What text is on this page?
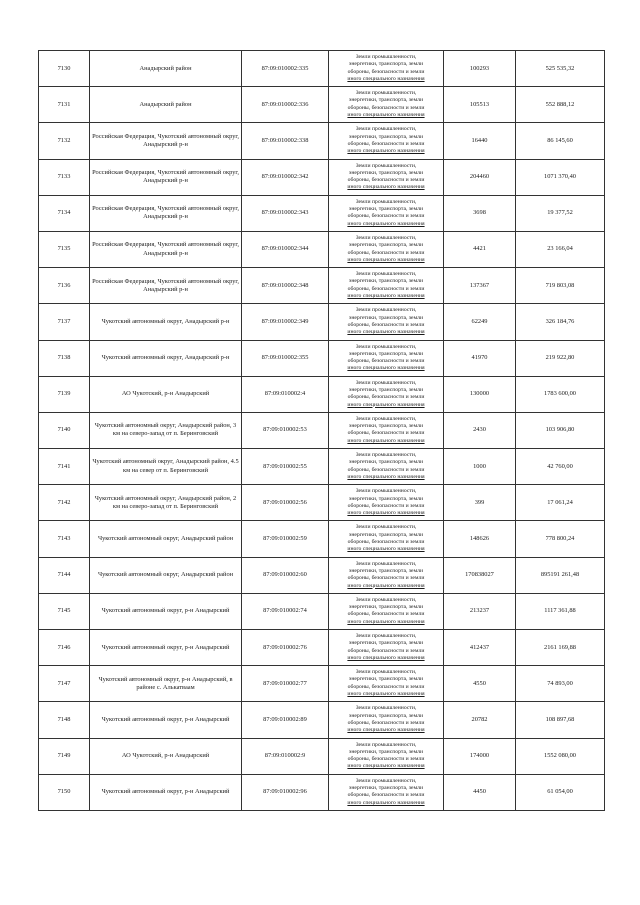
7130	Анадырский район	87:09:010002:335	Земли промышленности,
энергетики, транспорта, земли
обороны, безопасности и земли
иного специального назначения	100293	525 535,32
7131	Анадырский район	87:09:010002:336	Земли промышленности,
энергетики, транспорта, земли
обороны, безопасности и земли
иного специального назначения	105513	552 888,12
7132	Российская Федерация, Чукотский автономный округ, Анадырский р-н	87:09:010002:338	Земли промышленности,
энергетики, транспорта, земли
обороны, безопасности и земли
иного специального назначения	16440	86 145,60
7133	Российская Федерация, Чукотский автономный округ, Анадырский р-н	87:09:010002:342	Земли промышленности,
энергетики, транспорта, земли
обороны, безопасности и земли
иного специального назначения	204460	1071 370,40
7134	Российская Федерация, Чукотский автономный округ, Анадырский р-н	87:09:010002:343	Земли промышленности,
энергетики, транспорта, земли
обороны, безопасности и земли
иного специального назначения	3698	19 377,52
7135	Российская Федерация, Чукотский автономный округ, Анадырский р-н	87:09:010002:344	Земли промышленности,
энергетики, транспорта, земли
обороны, безопасности и земли
иного специального назначения	4421	23 166,04
7136	Российская Федерация, Чукотский автономный округ, Анадырский р-н	87:09:010002:348	Земли промышленности,
энергетики, транспорта, земли
обороны, безопасности и земли
иного специального назначения	137367	719 803,08
7137	Чукотский автономный округ, Анадырский р-н	87:09:010002:349	Земли промышленности,
энергетики, транспорта, земли
обороны, безопасности и земли
иного специального назначения	62249	326 184,76
7138	Чукотский автономный округ, Анадырский р-н	87:09:010002:355	Земли промышленности,
энергетики, транспорта, земли
обороны, безопасности и земли
иного специального назначения	41970	219 922,80
7139	АО Чукотский, р-н Анадырский	87:09:010002:4	Земли промышленности,
энергетики, транспорта, земли
обороны, безопасности и земли
иного специального назначения	130000	1783 600,00
7140	Чукотский автономный округ, Анадырский район, 3 км на северо-запад от п. Беринговский	87:09:010002:53	Земли промышленности,
энергетики, транспорта, земли
обороны, безопасности и земли
иного специального назначения	2430	103 906,80
7141	Чукотский автономный округ, Анадырский район, 4.5 км на север от п. Беринговский	87:09:010002:55	Земли промышленности,
энергетики, транспорта, земли
обороны, безопасности и земли
иного специального назначения	1000	42 760,00
7142	Чукотский автономный округ, Анадырский район, 2 км на северо-запад от п. Беринговский	87:09:010002:56	Земли промышленности,
энергетики, транспорта, земли
обороны, безопасности и земли
иного специального назначения	399	17 061,24
7143	Чукотский автономный округ, Анадырский район	87:09:010002:59	Земли промышленности,
энергетики, транспорта, земли
обороны, безопасности и земли
иного специального назначения	148626	778 800,24
7144	Чукотский автономный округ, Анадырский район	87:09:010002:60	Земли промышленности,
энергетики, транспорта, земли
обороны, безопасности и земли
иного специального назначения	170838027	895191 261,48
7145	Чукотский автономный округ, р-н Анадырский	87:09:010002:74	Земли промышленности,
энергетики, транспорта, земли
обороны, безопасности и земли
иного специального назначения	213237	1117 361,88
7146	Чукотский автономный округ, р-н Анадырский	87:09:010002:76	Земли промышленности,
энергетики, транспорта, земли
обороны, безопасности и земли
иного специального назначения	412437	2161 169,88
7147	Чукотский автономный округ, р-н Анадырский, в районе с. Алькатваам	87:09:010002:77	Земли промышленности,
энергетики, транспорта, земли
обороны, безопасности и земли
иного специального назначения	4550	74 893,00
7148	Чукотский автономный округ, р-н Анадырский	87:09:010002:89	Земли промышленности,
энергетики, транспорта, земли
обороны, безопасности и земли
иного специального назначения	20782	108 897,68
7149	АО Чукотский, р-н Анадырский	87:09:010002:9	Земли промышленности,
энергетики, транспорта, земли
обороны, безопасности и земли
иного специального назначения	174000	1552 080,00
7150	Чукотский автономный округ, р-н Анадырский	87:09:010002:96	Земли промышленности,
энергетики, транспорта, земли
обороны, безопасности и земли
иного специального назначения	4450	61 054,00
